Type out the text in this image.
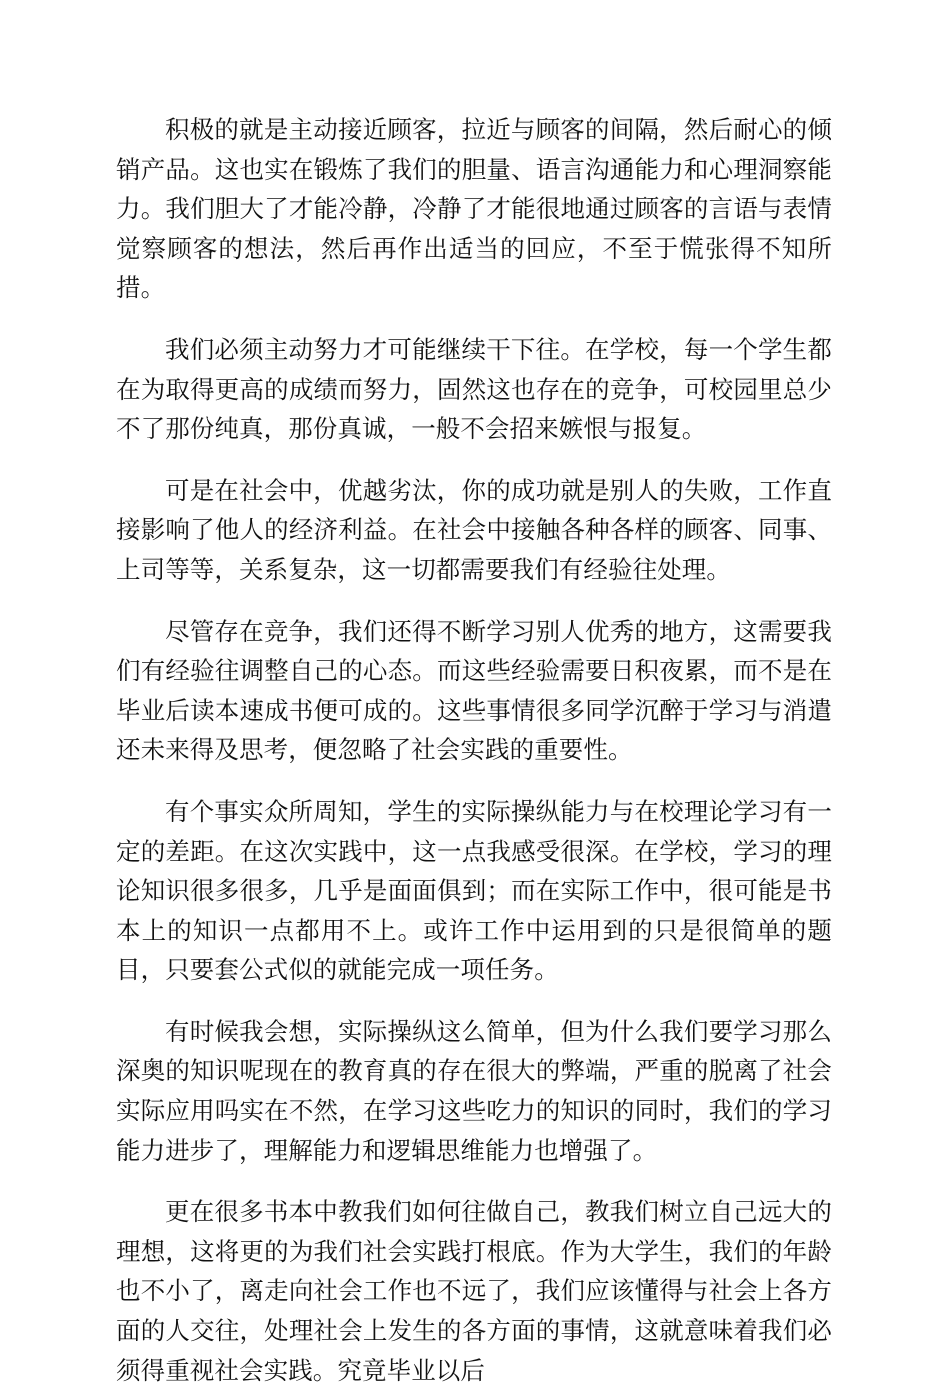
积极的就是主动接近顾客，拉近与顾客的间隔，然后耐心的倾销产品。这也实在锻炼了我们的胆量、语言沟通能力和心理洞察能力。我们胆大了才能冷静，冷静了才能很地通过顾客的言语与表情觉察顾客的想法，然后再作出适当的回应，不至于慌张得不知所措。

我们必须主动努力才可能继续干下往。在学校，每一个学生都在为取得更高的成绩而努力，固然这也存在的竞争，可校园里总少不了那份纯真，那份真诚，一般不会招来嫉恨与报复。

可是在社会中，优越劣汰，你的成功就是别人的失败，工作直接影响了他人的经济利益。在社会中接触各种各样的顾客、同事、上司等等，关系复杂，这一切都需要我们有经验往处理。

尽管存在竞争，我们还得不断学习别人优秀的地方，这需要我们有经验往调整自己的心态。而这些经验需要日积夜累，而不是在毕业后读本速成书便可成的。这些事情很多同学沉醉于学习与消遣还未来得及思考，便忽略了社会实践的重要性。

有个事实众所周知，学生的实际操纵能力与在校理论学习有一定的差距。在这次实践中，这一点我感受很深。在学校，学习的理论知识很多很多，几乎是面面俱到；而在实际工作中，很可能是书本上的知识一点都用不上。或许工作中运用到的只是很简单的题目，只要套公式似的就能完成一项任务。

有时候我会想，实际操纵这么简单，但为什么我们要学习那么深奥的知识呢现在的教育真的存在很大的弊端，严重的脱离了社会实际应用吗实在不然，在学习这些吃力的知识的同时，我们的学习能力进步了，理解能力和逻辑思维能力也增强了。

更在很多书本中教我们如何往做自己，教我们树立自己远大的理想，这将更的为我们社会实践打根底。作为大学生，我们的年龄也不小了，离走向社会工作也不远了，我们应该懂得与社会上各方面的人交往，处理社会上发生的各方面的事情，这就意味着我们必须得重视社会实践。究竟毕业以后
